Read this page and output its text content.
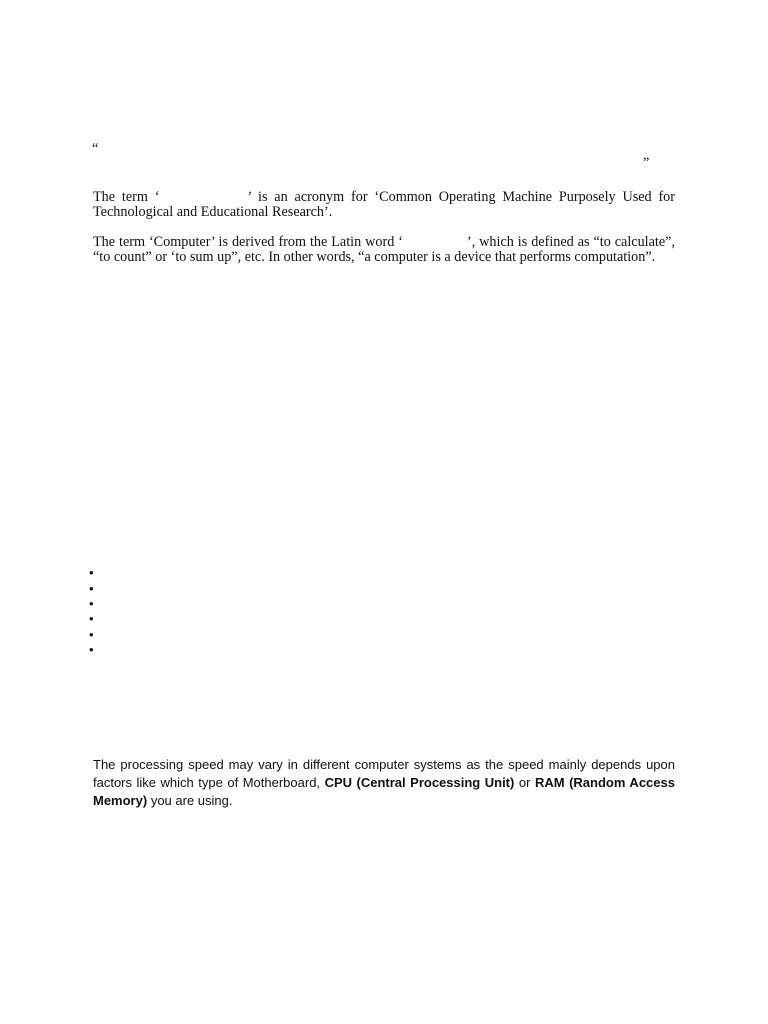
“
”
The term ‘	’ is an acronym for ‘Common Operating Machine Purposely Used for
Technological and Educational Research’.
The term ‘Computer’ is derived from the Latin word ‘	’, which is defined as “to calculate”,
“to count” or ‘to sum up”, etc. In other words, “a computer is a device that performs computation”.
•
•
•
•
•
•
The processing speed may vary in different computer systems as the speed mainly depends upon
factors like which type of Motherboard, CPU (Central Processing Unit) or RAM (Random Access
Memory) you are using.
